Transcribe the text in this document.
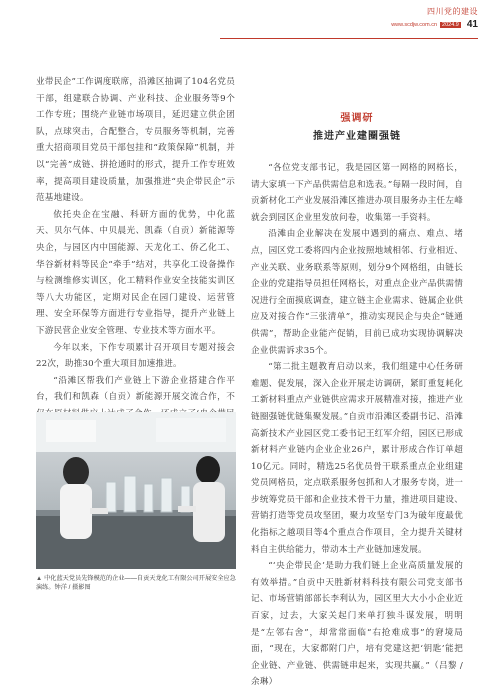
四川党的建设
www.scdjw.com.cn 2024.9 41

业带民企”工作调度联席，沿滩区抽调了104名党员干部，组建联合协调、产业科技、企业服务等9个工作专班；围绕产业链市场项目，延迟建立供企团队，点球突击，合配整合，专员服务等机制，完善重大招商项目党员干部包挂和“政策保障”机制，并以“完善”成链、拼抢通时的形式，提升工作专班效率，提高项目建设质量，加强推进“央企带民企”示范基地建设。

依托央企在宝融、科研方面的优势，中化蓝天、贝尔气体、中贝晨光、凯森（自贡）新能源等央企，与园区内中国能源、天龙化工、侨乙化工、华谷新材料等民企“牵手”结对，共享化工设备操作与检测维修实训区，化工精料作业安全技能实训区等八大功能区，定期对民企在园门建设、运营管理、安全环保等方面进行专业指导，提升产业链上下游民营企业安全管理、专业技术等方面水平。

今年以来，下作专项累计召开项目专题对接会22次，助推30个重大项目加速推进。

“沿滩区帮我们产业链上下游企业搭建合作平台，我们和凯森（自贡）新能源开展交流合作，不

▲ 中化蓝天党员先锋模范的企业——自贡天龙化工有限公司开展安全应急演练。钟洋 / 摄影图
强调研
推进产业建圈强链

“各位党支部书记，我是园区第一网格的网格长，请大家填一下产品供需信息和选表。”每隔一段时间，自贡新材化工产业发展沿滩区推进办项目服务办主任左峰就会到园区企业里发放问卷，收集第一手资料。

沿滩由企业解决在发展中遇到的痛点、难点、堵点，园区党工委将四内企业按照地域相邻、行业相近、产业关联、业务联系等原则，划分9个网格组，由链长企业的党建指导员担任网格长，对重点企业产品供需情况进行全面摸底调查，建立链主企业需求、链属企业供应及对接合作“三张清单”，推动实现民企与央企“链通供需”，帮助企业能产促销，目前已成功实现协调解决企业供需诉求35个。

“第二批主题教育启动以来，我们组建中心任务研难题、促发展，深入企业开展走访调研，紧盯重复耗化工新材料重点产业链供应需求开展精准对接，推进产业链圈强链优链集聚发展。”自贡市沿滩区委副书记、沿滩高新技术产业园区党工委书记王红军介绍，园区已形成新材料产业链内企业企业26户，累计形成合作订单超10亿元。同时，精选25名优员骨干联系重点企业组建党员网格员，定点联系服务包抓和人才服务专岗，进一步统筹党员干部和企业技术骨干力量，推进项目建设、营销打造等党员攻坚团，聚力攻坚专门3为破年度最优化指标之越项目等4个重点合作项目，全力提升关键材料自主供给能力，带动本土产业链加速发展。

“‘央企带民企’是助力我们链上企业高质量发展的有效举措。”自贡中天胜新材料科技有限公司党支部书记、市场营销部部长李利认为，园区里大大小小企业近百家，过去，大家关起门来单打独斗谋发展，明明是“左邻右舍”，却常常面临“右抢难成事”的窘境局面，“现在，大家都附门户，培有党建这把‘钥匙’能把企业链、产业链、供需链串起来，实现共赢。”（吕黎 / 余琳）
